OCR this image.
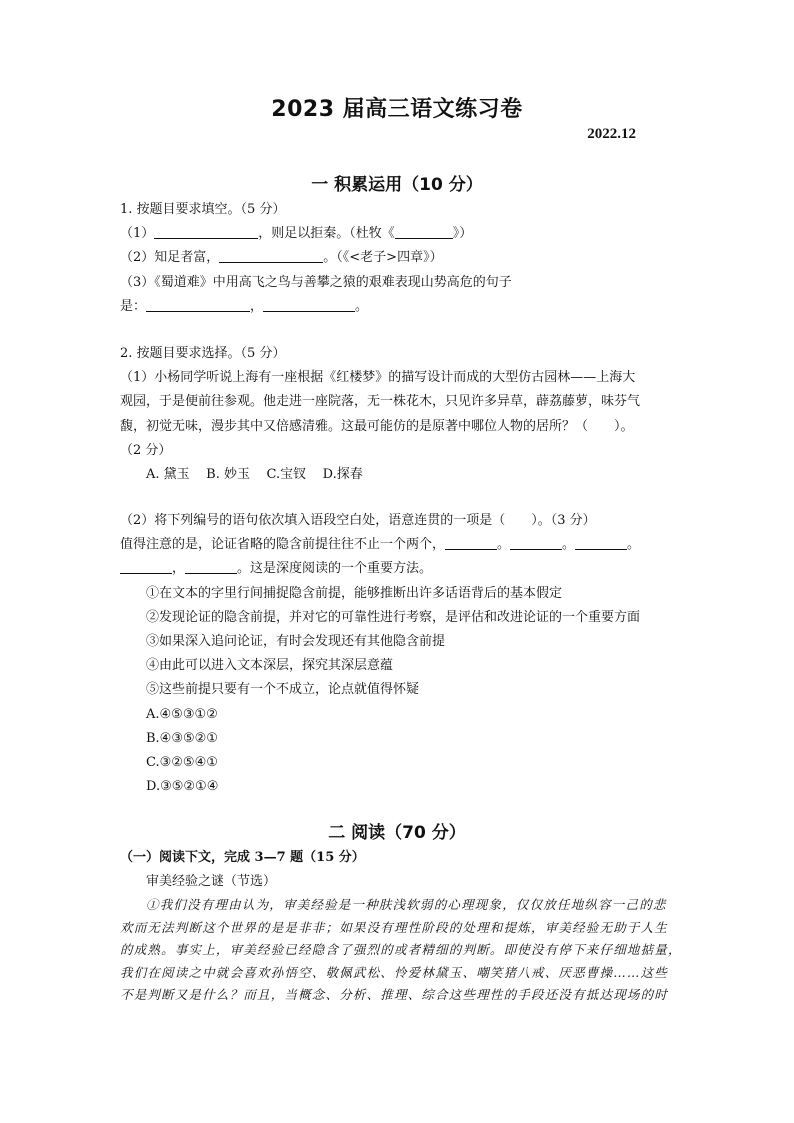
2023 届高三语文练习卷
2022.12
一 积累运用（10 分）
1. 按题目要求填空。（5 分）
（1）	，则足以拒秦。（杜牧《	》）
（2）知足者富，	。（《<老子>四章》）
（3）《蜀道难》中用高飞之鸟与善攀之猿的艰难表现山势高危的句子
是：	，	。
2. 按题目要求选择。（5 分）
（1）小杨同学听说上海有一座根据《红楼梦》的描写设计而成的大型仿古园林——上海大
观园，于是便前往参观。他走进一座院落，无一株花木，只见许多异草，薜荔藤萝，味芬气
馥，初觉无味，漫步其中又倍感清雅。这最可能仿的是原著中哪位人物的居所？（ ）。
（2 分）
A. 黛玉    B. 妙玉    C.宝钗    D.探春
（2）将下列编号的语句依次填入语段空白处，语意连贯的一项是（ ）。（3 分）
值得注意的是，论证省略的隐含前提往往不止一个两个，	。	。	。
，	。这是深度阅读的一个重要方法。
①在文本的字里行间捕捉隐含前提，能够推断出许多话语背后的基本假定
②发现论证的隐含前提，并对它的可靠性进行考察，是评估和改进论证的一个重要方面
③如果深入追问论证，有时会发现还有其他隐含前提
④由此可以进入文本深层，探究其深层意蕴
⑤这些前提只要有一个不成立，论点就值得怀疑
A.④⑤③①②
B.④③⑤②①
C.③②⑤④①
D.③⑤②①④
二 阅读（70 分）
（一）阅读下文，完成 3—7 题（15 分）
审美经验之谜（节选）
①我们没有理由认为，审美经验是一种肤浅软弱的心理现象，仅仅放任地纵容一己的悲
欢而无法判断这个世界的是是非非；如果没有理性阶段的处理和提炼，审美经验无助于人生
的成熟。事实上，审美经验已经隐含了强烈的或者精细的判断。即使没有停下来仔细地掂量，
我们在阅读之中就会喜欢孙悟空、敬佩武松、怜爱林黛玉、嘲笑猪八戒、厌恶曹操……这些
不是判断又是什么？而且，当概念、分析、推理、综合这些理性的手段还没有抵达现场的时
